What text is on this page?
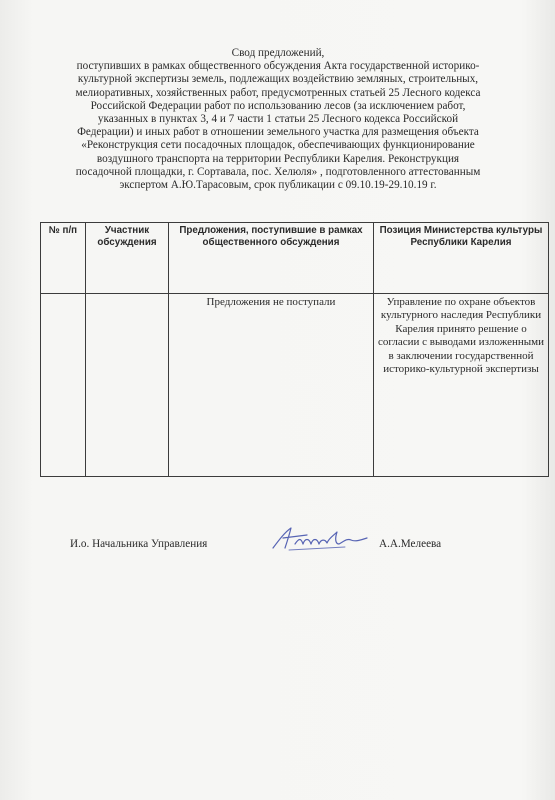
Свод предложений,
поступивших в рамках общественного обсуждения Акта государственной историко-
культурной экспертизы земель, подлежащих воздействию земляных, строительных,
мелиоративных, хозяйственных работ, предусмотренных статьей 25 Лесного кодекса
Российской Федерации работ по использованию лесов (за исключением работ,
указанных в пунктах 3, 4 и 7 части 1 статьи 25 Лесного кодекса Российской
Федерации) и иных работ в отношении земельного участка для размещения объекта
«Реконструкция сети посадочных площадок, обеспечивающих функционирование
воздушного транспорта на территории Республики Карелия. Реконструкция
посадочной площадки, г. Сортавала, пос. Хелюля» , подготовленного аттестованным
экспертом А.Ю.Тарасовым, срок публикации с 09.10.19-29.10.19 г.
№ п/п	Участник обсуждения	Предложения, поступившие в рамках общественного обсуждения	Позиция Министерства культуры Республики Карелия
		Предложения не поступали	Управление по охране объектов культурного наследия Республики Карелия принято решение о согласии с выводами изложенными в заключении государственной историко-культурной экспертизы
И.о. Начальника Управления	А.А.Мелеева
